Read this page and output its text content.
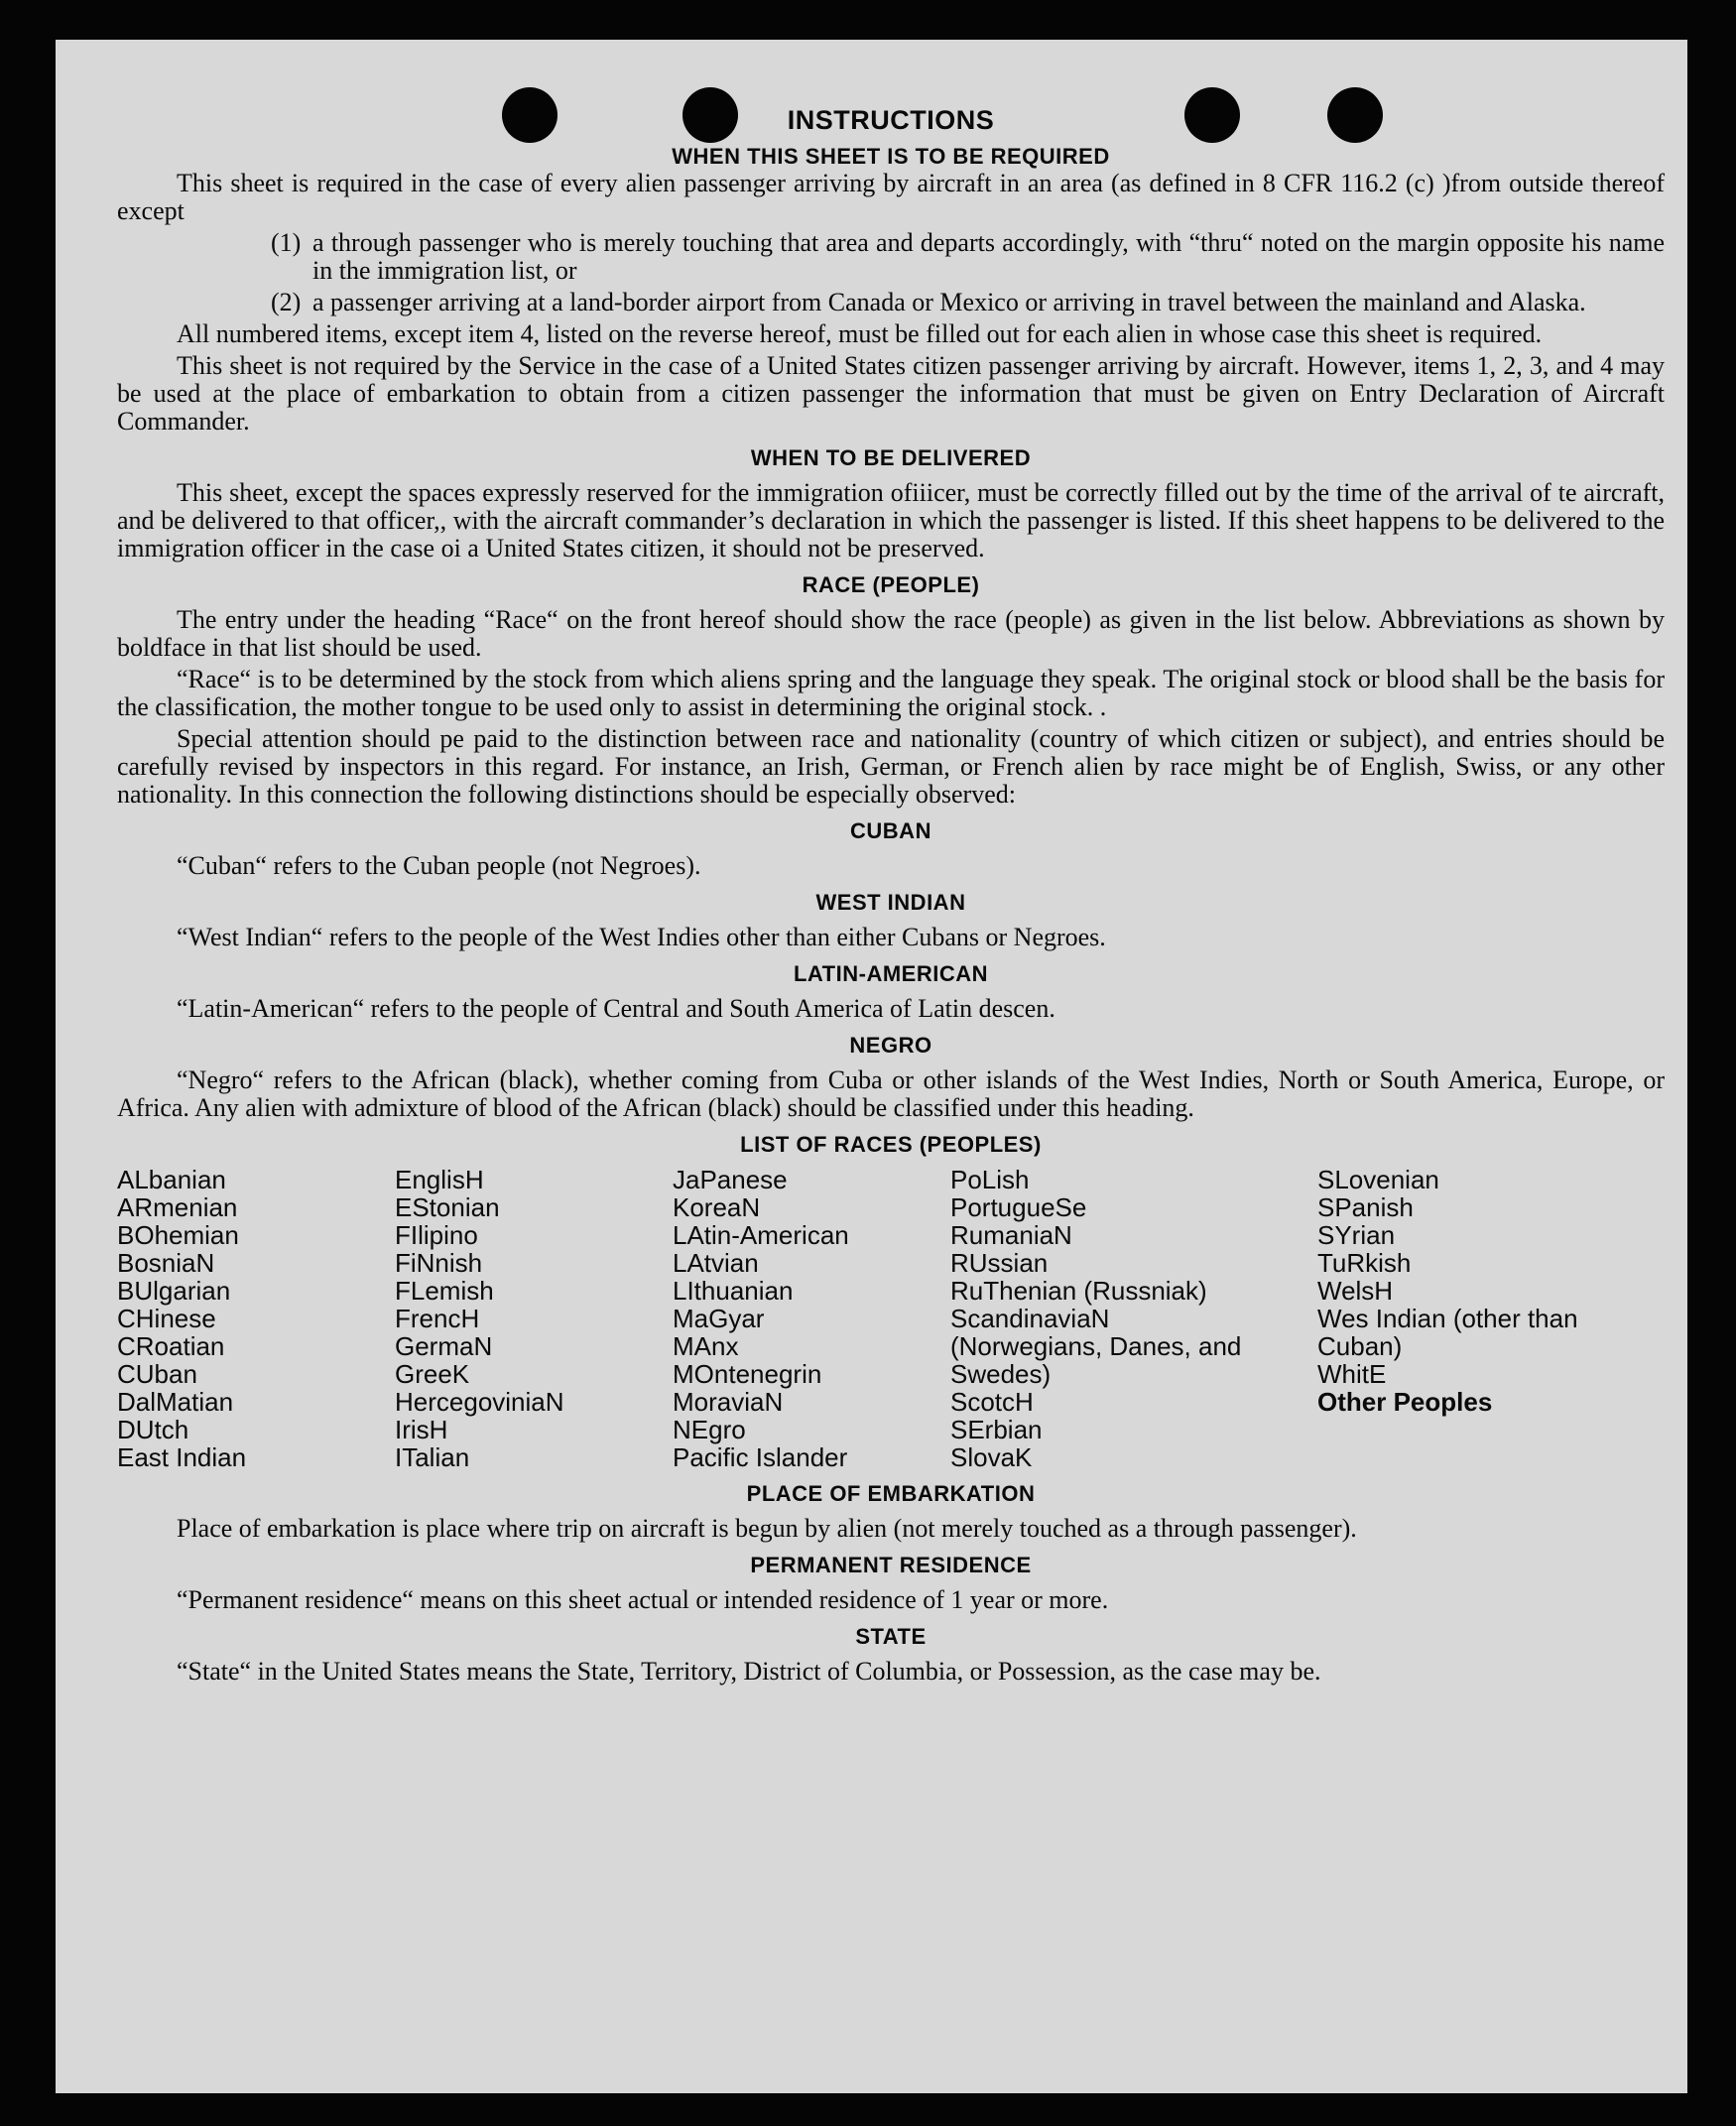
INSTRUCTIONS
WHEN THIS SHEET IS TO BE REQUIRED

This sheet is required in the case of every alien passenger arriving by aircraft in an area (as defined in 8 CFR 116.2 (c) )from outside thereof except

(1) a through passenger who is merely touching that area and departs accordingly, with “thru“ noted on the margin opposite his name in the immigration list, or
(2) a passenger arriving at a land-border airport from Canada or Mexico or arriving in travel between the mainland and Alaska.

All numbered items, except item 4, listed on the reverse hereof, must be filled out for each alien in whose case this sheet is required.

This sheet is not required by the Service in the case of a United States citizen passenger arriving by aircraft. However, items 1, 2, 3, and 4 may be used at the place of embarkation to obtain from a citizen passenger the information that must be given on Entry Declaration of Aircraft Commander.

WHEN TO BE DELIVERED

This sheet, except the spaces expressly reserved for the immigration ofiiicer, must be correctly filled out by the time of the arrival of te aircraft, and be delivered to that officer,, with the aircraft commander’s declaration in which the passenger is listed. If this sheet happens to be delivered to the immigration officer in the case oi a United States citizen, it should not be preserved.

RACE (PEOPLE)

The entry under the heading “Race“ on the front hereof should show the race (people) as given in the list below. Abbreviations as shown by boldface in that list should be used.

“Race“ is to be determined by the stock from which aliens spring and the language they speak. The original stock or blood shall be the basis for the classification, the mother tongue to be used only to assist in determining the original stock. .

Special attention should pe paid to the distinction between race and nationality (country of which citizen or subject), and entries should be carefully revised by inspectors in this regard. For instance, an Irish, German, or French alien by race might be of English, Swiss, or any other nationality. In this connection the following distinctions should be especially observed:

CUBAN

“Cuban“ refers to the Cuban people (not Negroes).

WEST INDIAN

“West Indian“ refers to the people of the West Indies other than either Cubans or Negroes.

LATIN-AMERICAN

“Latin-American“ refers to the people of Central and South America of Latin descen.

NEGRO

“Negro“ refers to the African (black), whether coming from Cuba or other islands of the West Indies, North or South America, Europe, or Africa. Any alien with admixture of blood of the African (black) should be classified under this heading.

LIST OF RACES (PEOPLES)
ALbanian
ARmenian
BOhemian
BosniaN
BUlgarian
CHinese
CRoatian
CUban
DalMatian
DUtch
East Indian
EnglisH
EStonian
FIlipino
FiNnish
FLemish
FrencH
GermaN
GreeK
HercegoviniaN
IrisH
ITalian
JaPanese
KoreaN
LAtin-American
LAtvian
LIthuanian
MaGyar
MAnx
MOntenegrin
MoraviaN
NEgro
Pacific Islander
PoLish
PortugueSe
RumaniaN
RUssian
RuThenian (Russniak)
ScandinaviaN (Norwegians, Danes, and Swedes)
ScotcH
SErbian
SlovaK
SLovenian
SPanish
SYrian
TuRkish
WelsH
Wes Indian (other than Cuban)
WhitE
Other Peoples
PLACE OF EMBARKATION

Place of embarkation is place where trip on aircraft is begun by alien (not merely touched as a through passenger).

PERMANENT RESIDENCE

“Permanent residence“ means on this sheet actual or intended residence of 1 year or more.

STATE

“State“ in the United States means the State, Territory, District of Columbia, or Possession, as the case may be.
